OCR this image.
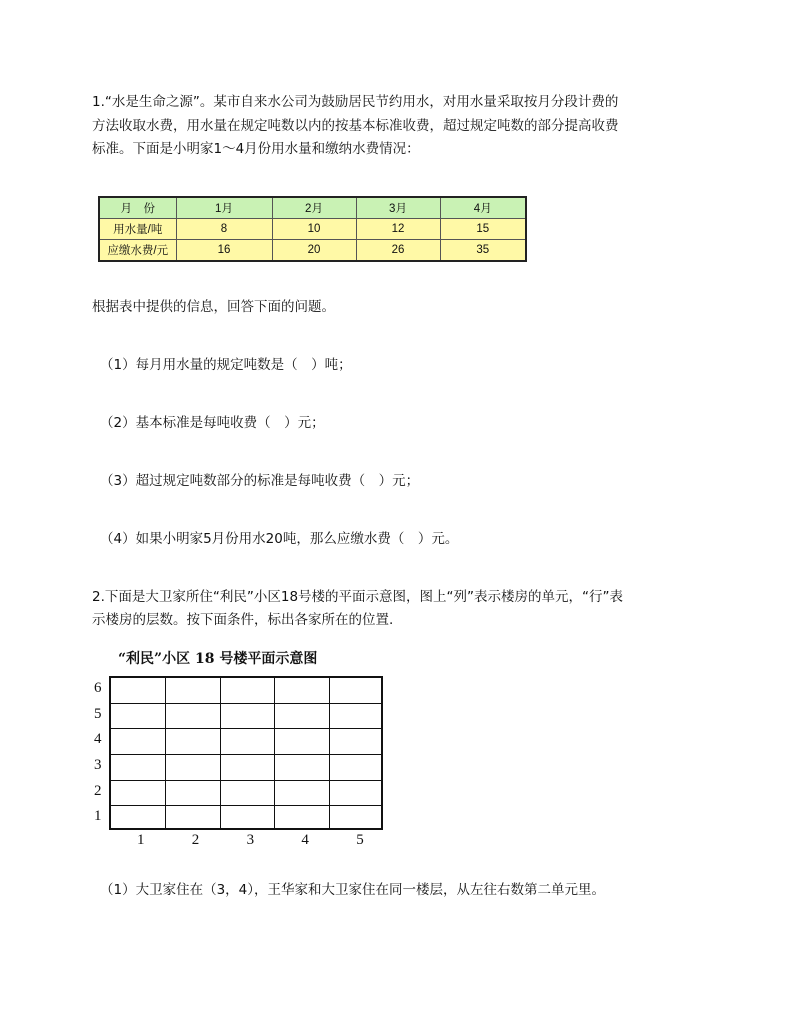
1.“水是生命之源”。某市自来水公司为鼓励居民节约用水，对用水量采取按月分段计费的
方法收取水费，用水量在规定吨数以内的按基本标准收费，超过规定吨数的部分提高收费
标准。下面是小明家1～4月份用水量和缴纳水费情况：
月　份	1月	2月	3月	4月
用水量/吨	8	10	12	15
应缴水费/元	16	20	26	35
根据表中提供的信息，回答下面的问题。
（1）每月用水量的规定吨数是（　）吨；
（2）基本标准是每吨收费（　）元；
（3）超过规定吨数部分的标准是每吨收费（　）元；
（4）如果小明家5月份用水20吨，那么应缴水费（　）元。
2.下面是大卫家所住“利民”小区18号楼的平面示意图，图上“列”表示楼房的单元，“行”表
示楼房的层数。按下面条件，标出各家所在的位置.
“利民”小区 18 号楼平面示意图
6
5
4
3
2
1
1	2	3	4	5
（1）大卫家住在（3，4），王华家和大卫家住在同一楼层，从左往右数第二单元里。
